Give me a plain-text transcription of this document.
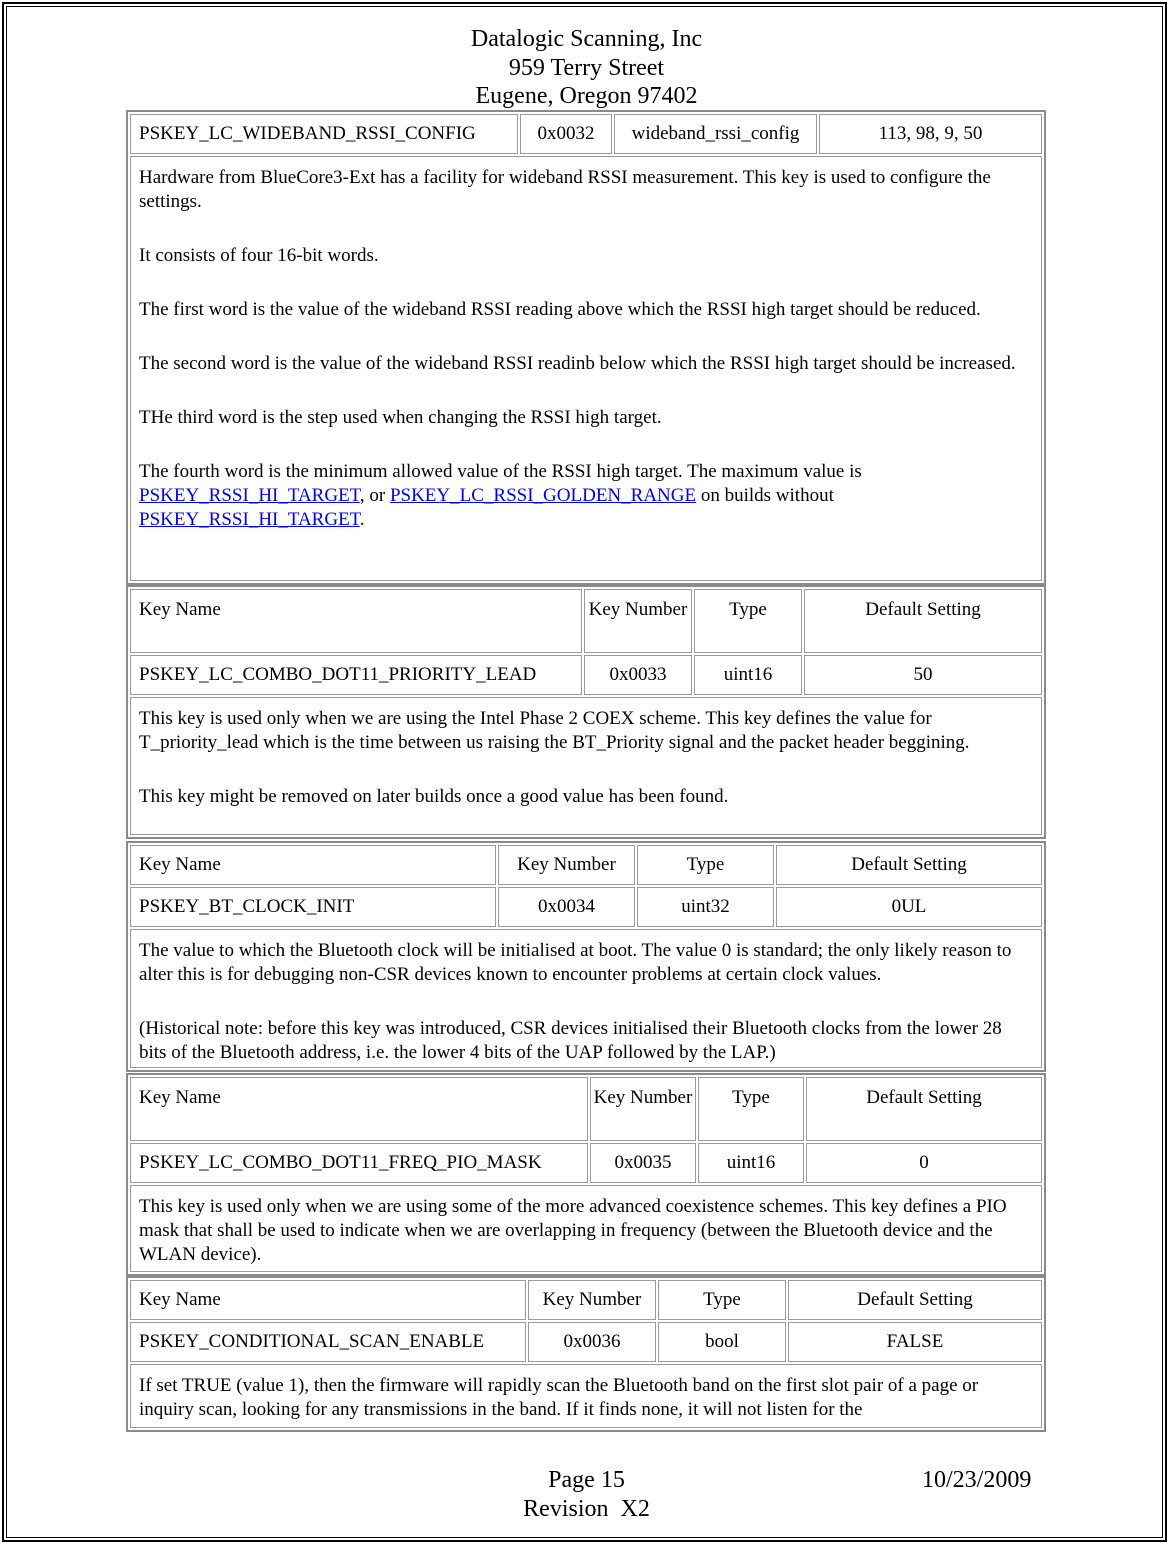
Datalogic Scanning, Inc
959 Terry Street
Eugene, Oregon 97402
PSKEY_LC_WIDEBAND_RSSI_CONFIG	0x0032	wideband_rssi_config	113, 98, 9, 50

Hardware from BlueCore3-Ext has a facility for wideband RSSI measurement. This key is used to configure the settings.

It consists of four 16-bit words.

The first word is the value of the wideband RSSI reading above which the RSSI high target should be reduced.

The second word is the value of the wideband RSSI readinb below which the RSSI high target should be increased.

THe third word is the step used when changing the RSSI high target.

The fourth word is the minimum allowed value of the RSSI high target. The maximum value is PSKEY_RSSI_HI_TARGET, or PSKEY_LC_RSSI_GOLDEN_RANGE on builds without PSKEY_RSSI_HI_TARGET.

Key Name	Key Number	Type	Default Setting
PSKEY_LC_COMBO_DOT11_PRIORITY_LEAD	0x0033	uint16	50

This key is used only when we are using the Intel Phase 2 COEX scheme. This key defines the value for T_priority_lead which is the time between us raising the BT_Priority signal and the packet header beggining.

This key might be removed on later builds once a good value has been found.			

Key Name	Key Number	Type	Default Setting
PSKEY_BT_CLOCK_INIT	0x0034	uint32	0UL

The value to which the Bluetooth clock will be initialised at boot. The value 0 is standard; the only likely reason to alter this is for debugging non-CSR devices known to encounter problems at certain clock values.

(Historical note: before this key was introduced, CSR devices initialised their Bluetooth clocks from the lower 28 bits of the Bluetooth address, i.e. the lower 4 bits of the UAP followed by the LAP.)			

Key Name	Key Number	Type	Default Setting
PSKEY_LC_COMBO_DOT11_FREQ_PIO_MASK	0x0035	uint16	0

This key is used only when we are using some of the more advanced coexistence schemes. This key defines a PIO mask that shall be used to indicate when we are overlapping in frequency (between the Bluetooth device and the WLAN device).			

Key Name	Key Number	Type	Default Setting
PSKEY_CONDITIONAL_SCAN_ENABLE	0x0036	bool	FALSE

If set TRUE (value 1), then the firmware will rapidly scan the Bluetooth band on the first slot pair of a page or inquiry scan, looking for any transmissions in the band. If it finds none, it will not listen for the			

Page 15
Revision  X2
10/23/2009
